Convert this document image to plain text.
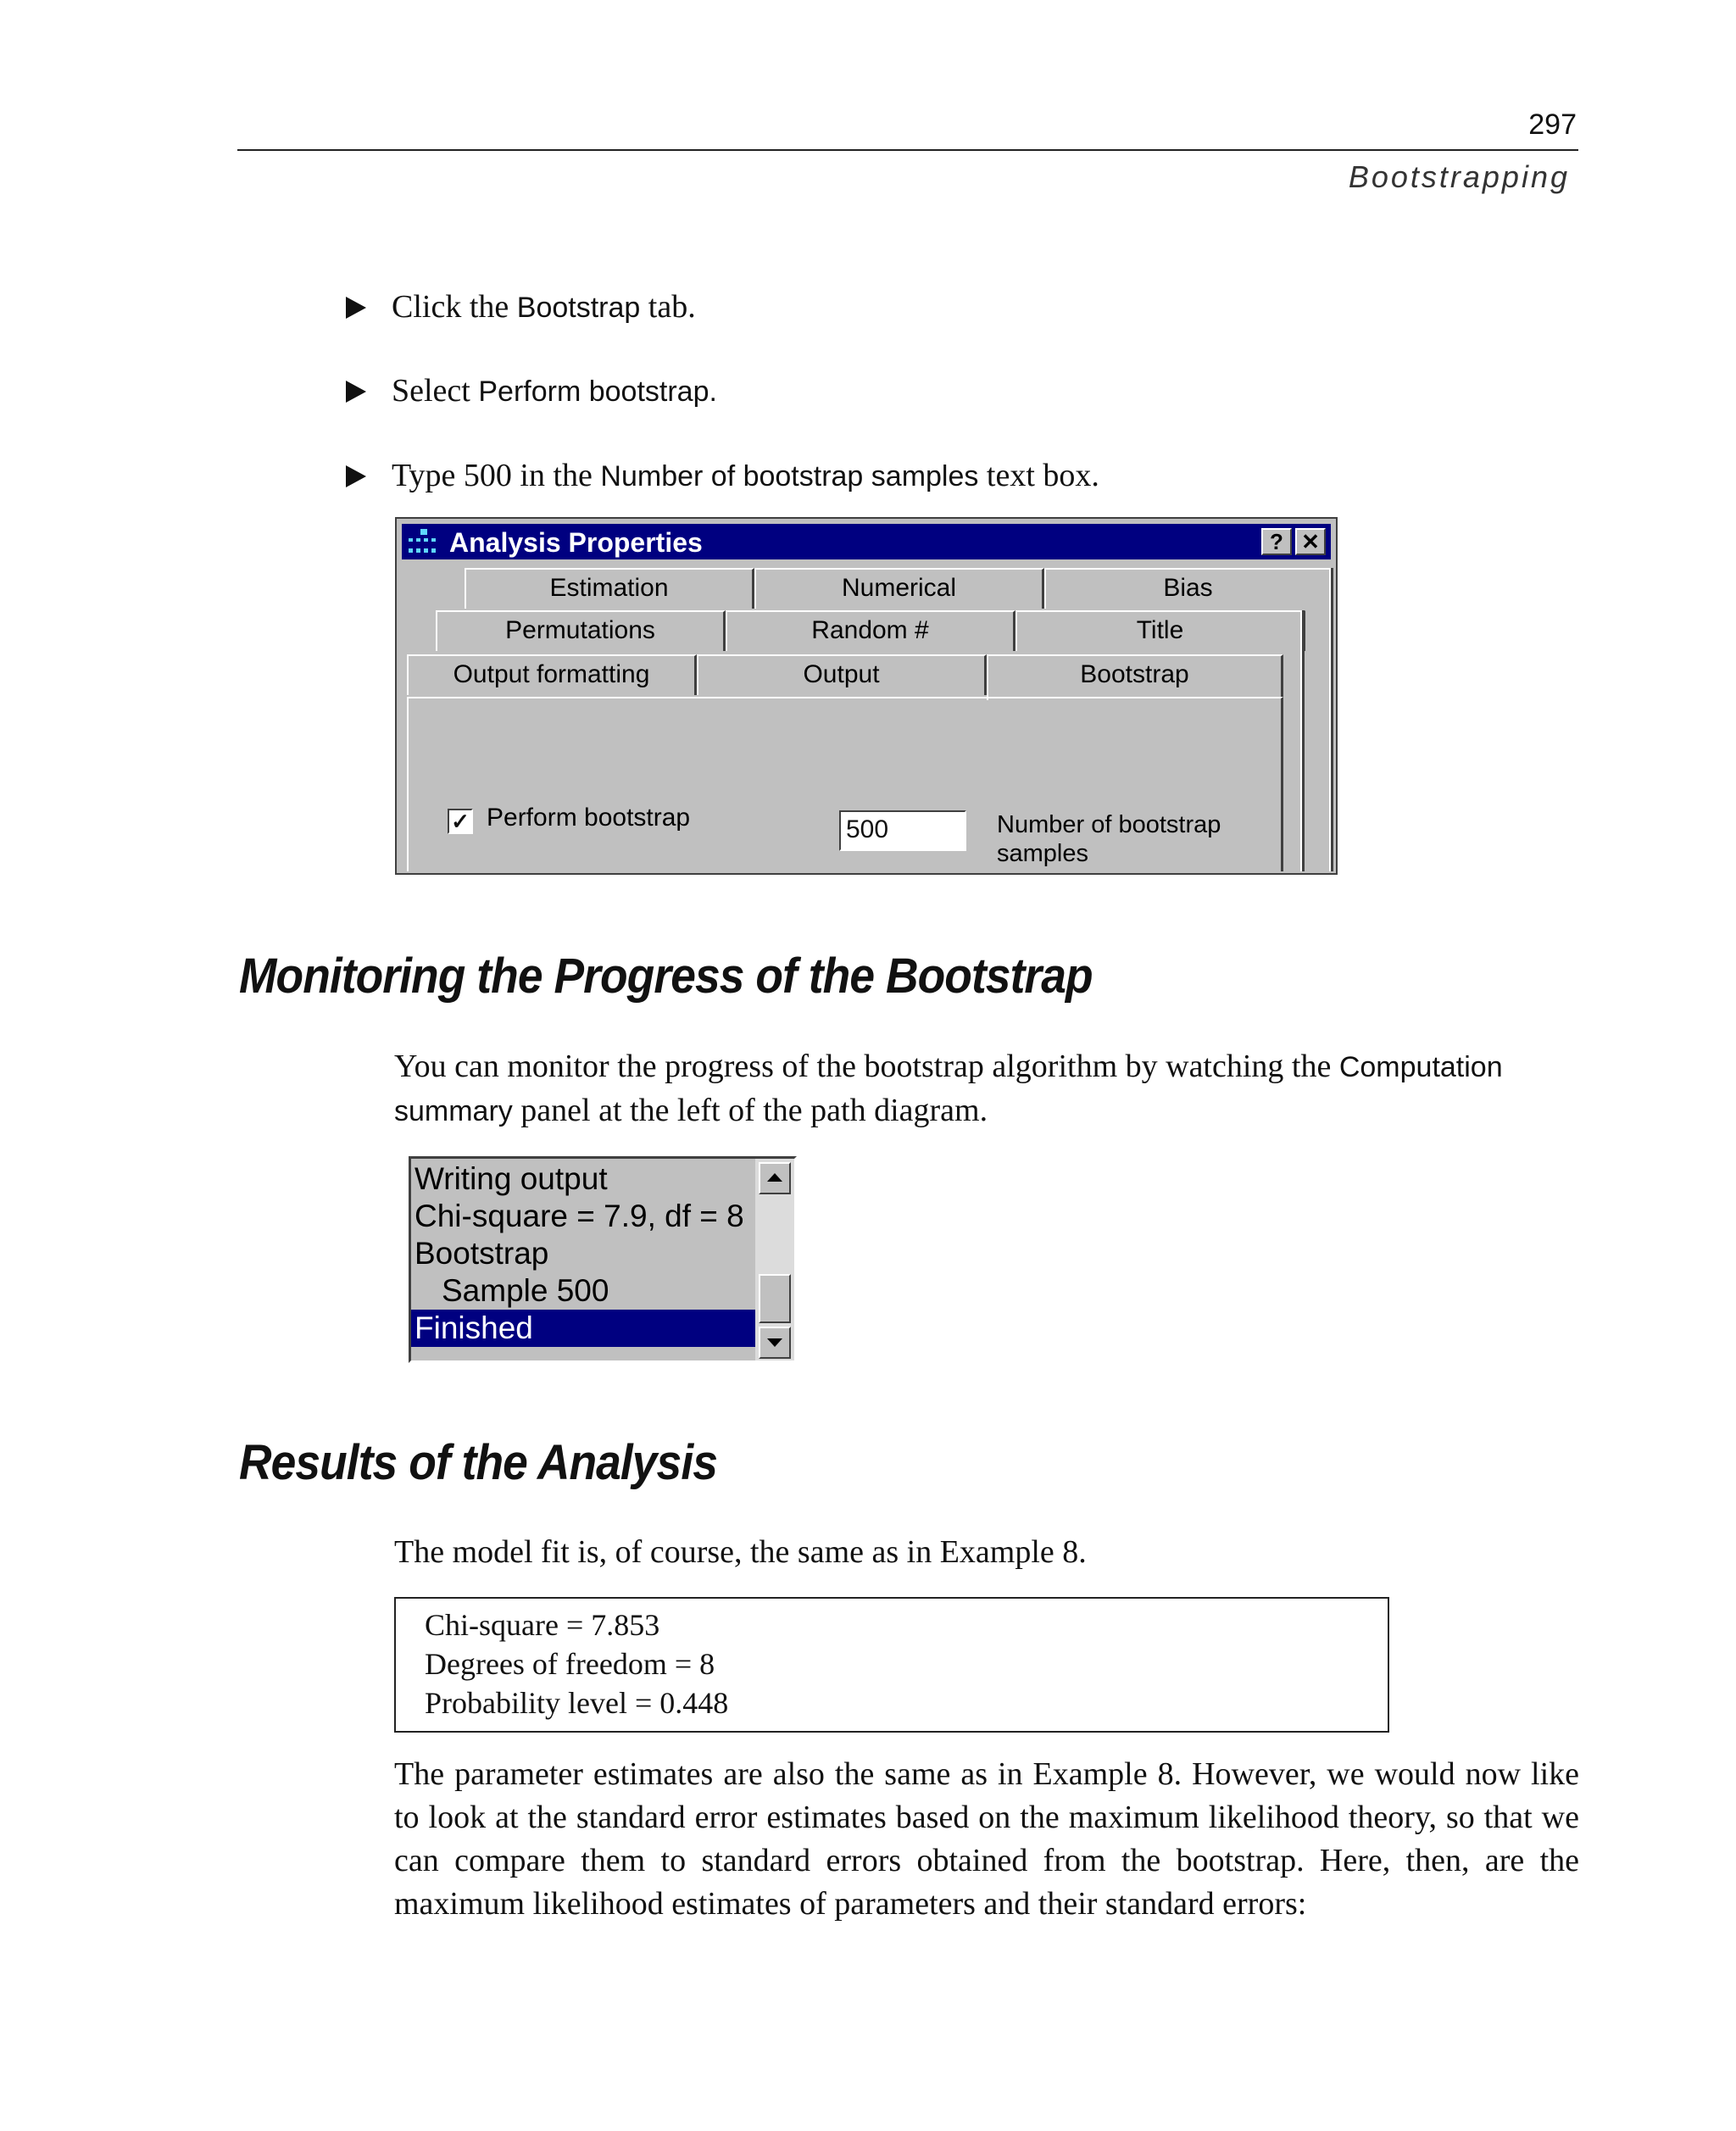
297
Bootstrapping
Click the Bootstrap tab.
Select Perform bootstrap.
Type 500 in the Number of bootstrap samples text box.
Analysis Properties	? ✕
Estimation	Numerical	Bias
Permutations	Random #	Title
Output formatting	Output	Bootstrap
✓ Perform bootstrap	500	Number of bootstrap samples
Monitoring the Progress of the Bootstrap
You can monitor the progress of the bootstrap algorithm by watching the Computation summary panel at the left of the path diagram.
Writing output
Chi-square = 7.9, df = 8
Bootstrap
Sample 500
Finished
Results of the Analysis
The model fit is, of course, the same as in Example 8.
Chi-square = 7.853
Degrees of freedom = 8
Probability level = 0.448
The parameter estimates are also the same as in Example 8. However, we would now like to look at the standard error estimates based on the maximum likelihood theory, so that we can compare them to standard errors obtained from the bootstrap. Here, then, are the maximum likelihood estimates of parameters and their standard errors:
